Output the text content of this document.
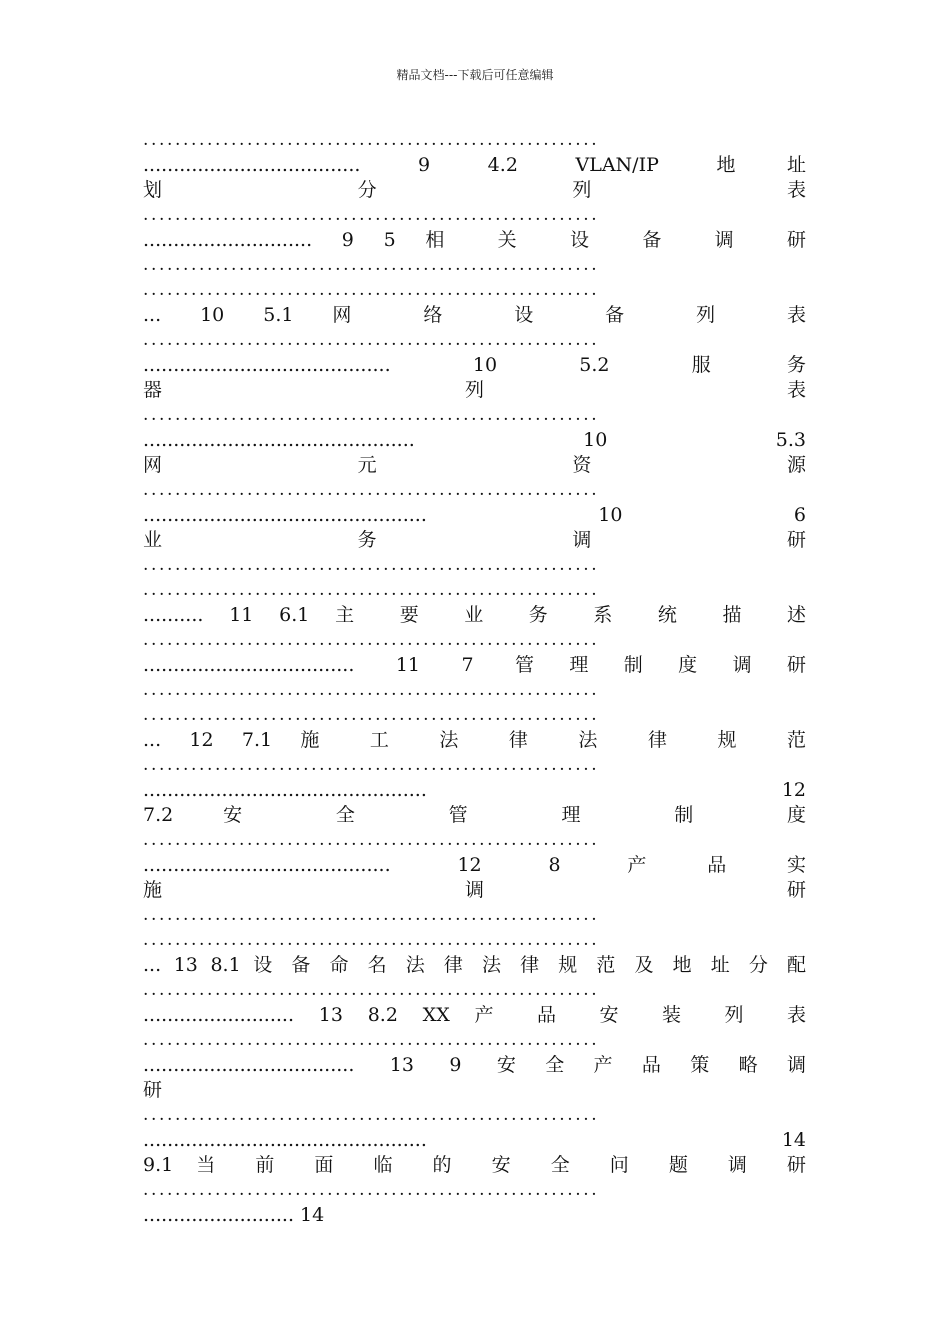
精品文档---下载后可任意编辑
.........................................................
.................................... 9 4.2 VLAN/IP 地址
划 分 列 表
.........................................................
............................ 9 5 相 关 设 备 调 研
.........................................................
.........................................................
... 10 5.1 网 络 设 备 列 表
.........................................................
......................................... 10 5.2 服务
器 列 表
.........................................................
............................................. 10 5.3
网 元 资 源
.........................................................
............................................... 10 6
业 务 调 研
.........................................................
.........................................................
.......... 11 6.1 主 要 业 务 系 统 描 述
.........................................................
................................... 11 7 管理制度调研
.........................................................
.........................................................
... 12 7.1 施 工 法 律 法 律 规 范
.........................................................
............................................... 12
7.2 安 全 管 理 制 度
.........................................................
......................................... 12 8 产品实
施 调 研
.........................................................
.........................................................
... 13 8.1 设 备 命 名 法 律 法 律 规 范 及 地 址 分 配
.........................................................
......................... 13 8.2 XX 产 品 安 装 列 表
.........................................................
................................... 13 9 安全产品策略调
研
.........................................................
............................................... 14
9.1 当 前 面 临 的 安 全 问 题 调 研
.........................................................
......................... 14
